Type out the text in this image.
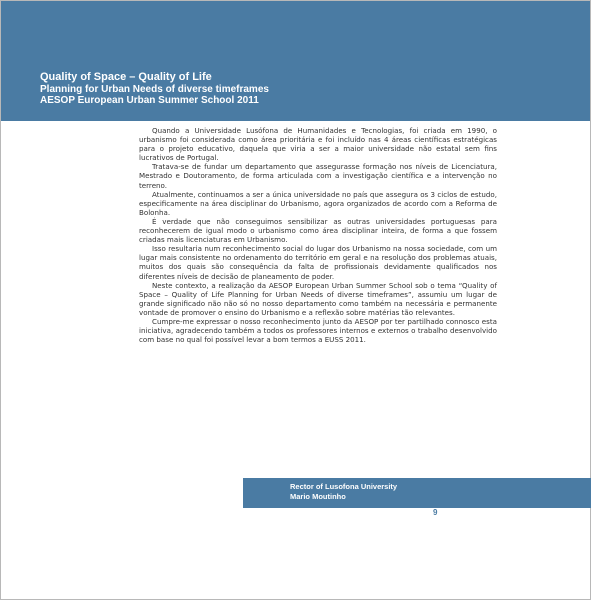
Quality of Space – Quality of Life
Planning for Urban Needs of diverse timeframes
AESOP European Urban Summer School 2011

Quando a Universidade Lusófona de Humanidades e Tecnologias, foi criada em 1990, o urbanismo foi considerada como área prioritária e foi incluído nas 4 áreas científicas estratégicas para o projeto educativo, daquela que viria a ser a maior universidade não estatal sem fins lucrativos de Portugal.

Tratava-se de fundar um departamento que assegurasse formação nos níveis de Licenciatura, Mestrado e Doutoramento, de forma articulada com a investigação científica e a intervenção no terreno.

Atualmente, continuamos a ser a única universidade no país que assegura os 3 ciclos de estudo, especificamente na área disciplinar do Urbanismo, agora organizados de acordo com a Reforma de Bolonha.

É verdade que não conseguimos sensibilizar as outras universidades portuguesas para reconhecerem de igual modo o urbanismo como área disciplinar inteira, de forma a que fossem criadas mais licenciaturas em Urbanismo.

Isso resultaria num reconhecimento social do lugar dos Urbanismo na nossa sociedade, com um lugar mais consistente no ordenamento do território em geral e na resolução dos problemas atuais, muitos dos quais são consequência da falta de profissionais devidamente qualificados nos diferentes níveis de decisão de planeamento de poder.

Neste contexto, a realização da AESOP European Urban Summer School sob o tema “Quality of Space – Quality of Life Planning for Urban Needs of diverse timeframes”, assumiu um lugar de grande significado não não só no nosso departamento como também na necessária e permanente vontade de promover o ensino do Urbanismo e a reflexão sobre matérias tão relevantes.

Cumpre-me expressar o nosso reconhecimento junto da AESOP por ter partilhado connosco esta iniciativa, agradecendo também a todos os professores internos e externos o trabalho desenvolvido com base no qual foi possível levar a bom termos a EUSS 2011.

Rector of Lusofona University
Mario Moutinho
9
